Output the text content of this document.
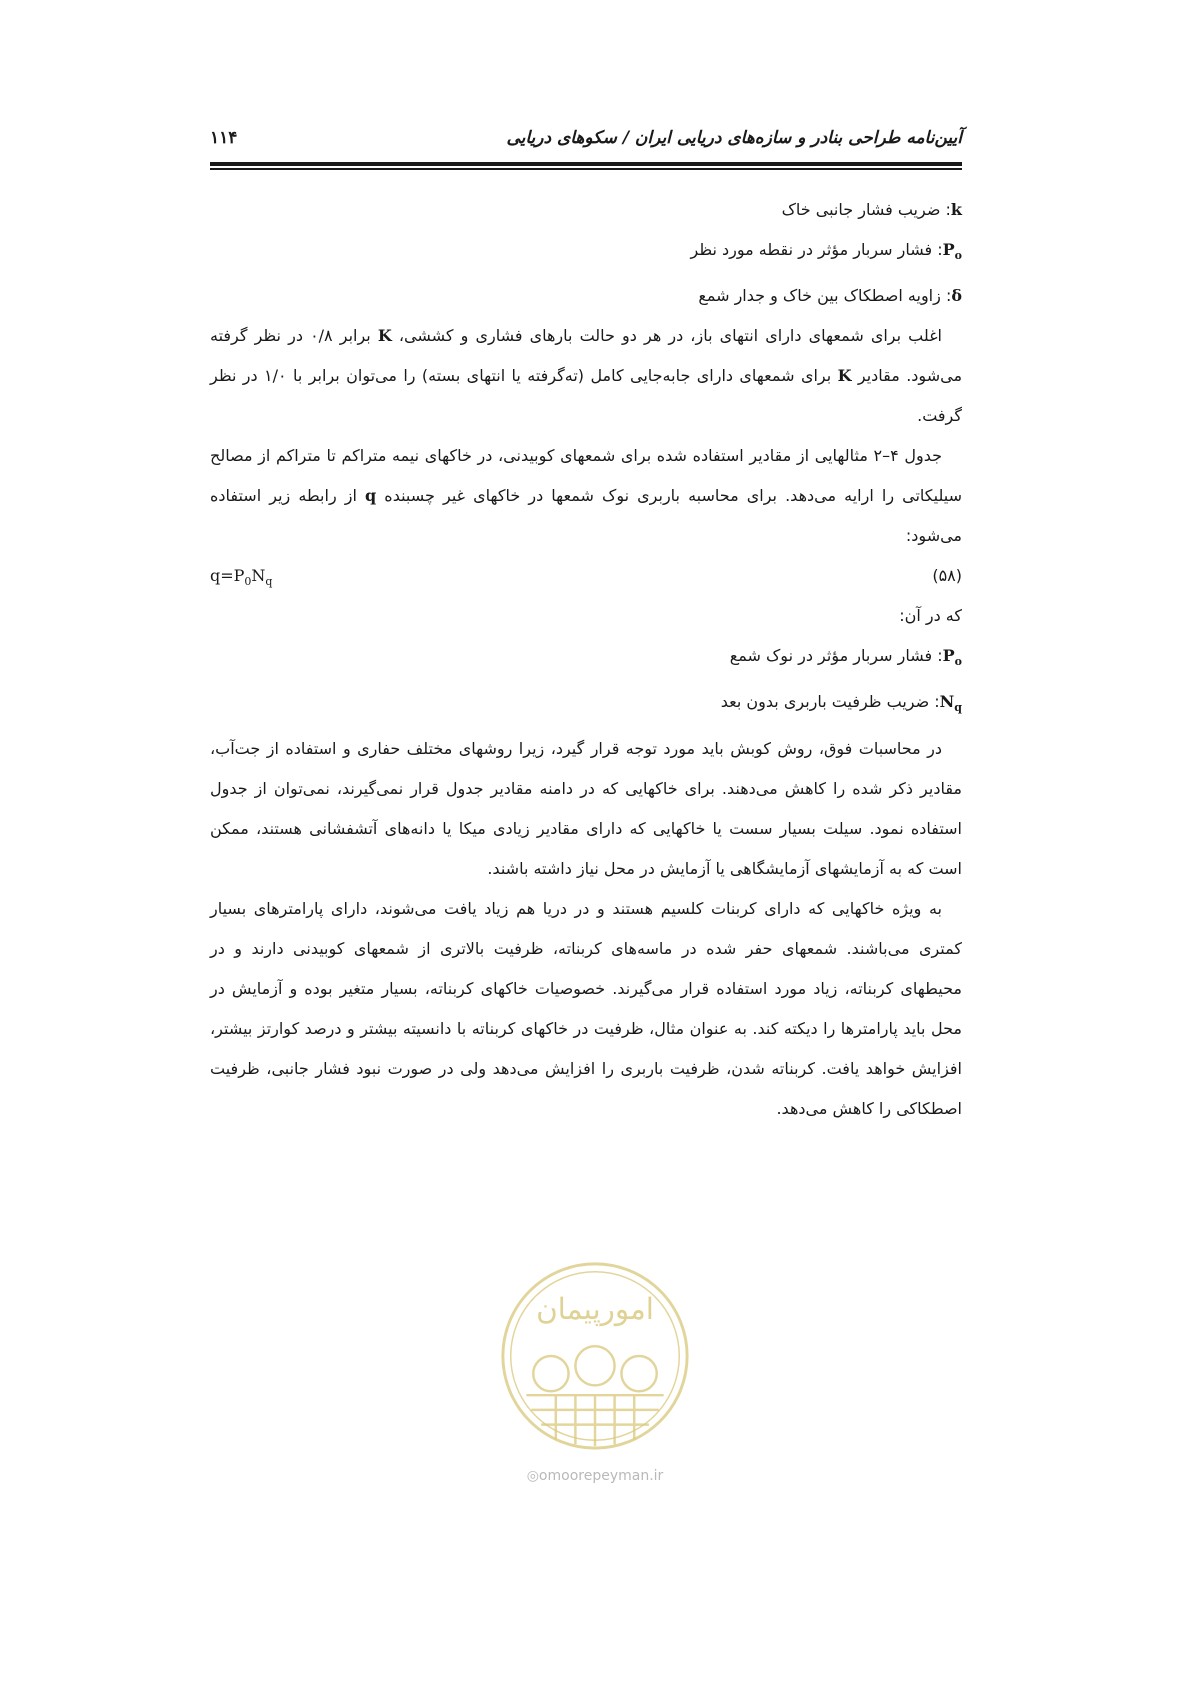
۱۱۴	آیین‌نامه طراحی بنادر و سازه‌های دریایی ایران / سکوهای دریایی
k: ضریب فشار جانبی خاک
$P_o$: فشار سربار مؤثر در نقطه مورد نظر
δ: زاویه اصطکاک بین خاک و جدار شمع

اغلب برای شمعهای دارای انتهای باز، در هر دو حالت بارهای فشاری و کششی، K برابر ۰/۸ در نظر گرفته می‌شود. مقادیر K برای شمعهای دارای جابه‌جایی کامل (ته‌گرفته یا انتهای بسته) را می‌توان برابر با ۱/۰ در نظر گرفت.

جدول ۴–۲ مثالهایی از مقادیر استفاده شده برای شمعهای کوبیدنی، در خاکهای نیمه متراکم تا متراکم از مصالح سیلیکاتی را ارایه می‌دهد. برای محاسبه باربری نوک شمعها در خاکهای غیر چسبنده q از رابطه زیر استفاده می‌شود:

$q=P_0N_q$	(۵۸)
که در آن:
$P_o$: فشار سربار مؤثر در نوک شمع
$N_q$: ضریب ظرفیت باربری بدون بعد

در محاسبات فوق، روش کوبش باید مورد توجه قرار گیرد، زیرا روشهای مختلف حفاری و استفاده از جت‌آب، مقادیر ذکر شده را کاهش می‌دهند. برای خاکهایی که در دامنه مقادیر جدول قرار نمی‌گیرند، نمی‌توان از جدول استفاده نمود. سیلت بسیار سست یا خاکهایی که دارای مقادیر زیادی میکا یا دانه‌های آتشفشانی هستند، ممکن است که به آزمایشهای آزمایشگاهی یا آزمایش در محل نیاز داشته باشند.

به ویژه خاکهایی که دارای کربنات کلسیم هستند و در دریا هم زیاد یافت می‌شوند، دارای پارامترهای بسیار کمتری می‌باشند. شمعهای حفر شده در ماسه‌های کربناته، ظرفیت بالاتری از شمعهای کوبیدنی دارند و در محیطهای کربناته، زیاد مورد استفاده قرار می‌گیرند. خصوصیات خاکهای کربناته، بسیار متغیر بوده و آزمایش در محل باید پارامترها را دیکته کند. به عنوان مثال، ظرفیت در خاکهای کربناته با دانسیته بیشتر و درصد کوارتز بیشتر، افزایش خواهد یافت. کربناته شدن، ظرفیت باربری را افزایش می‌دهد ولی در صورت نبود فشار جانبی، ظرفیت اصطکاکی را کاهش می‌دهد.

امورپیمان
◎omoorepeyman.ir
